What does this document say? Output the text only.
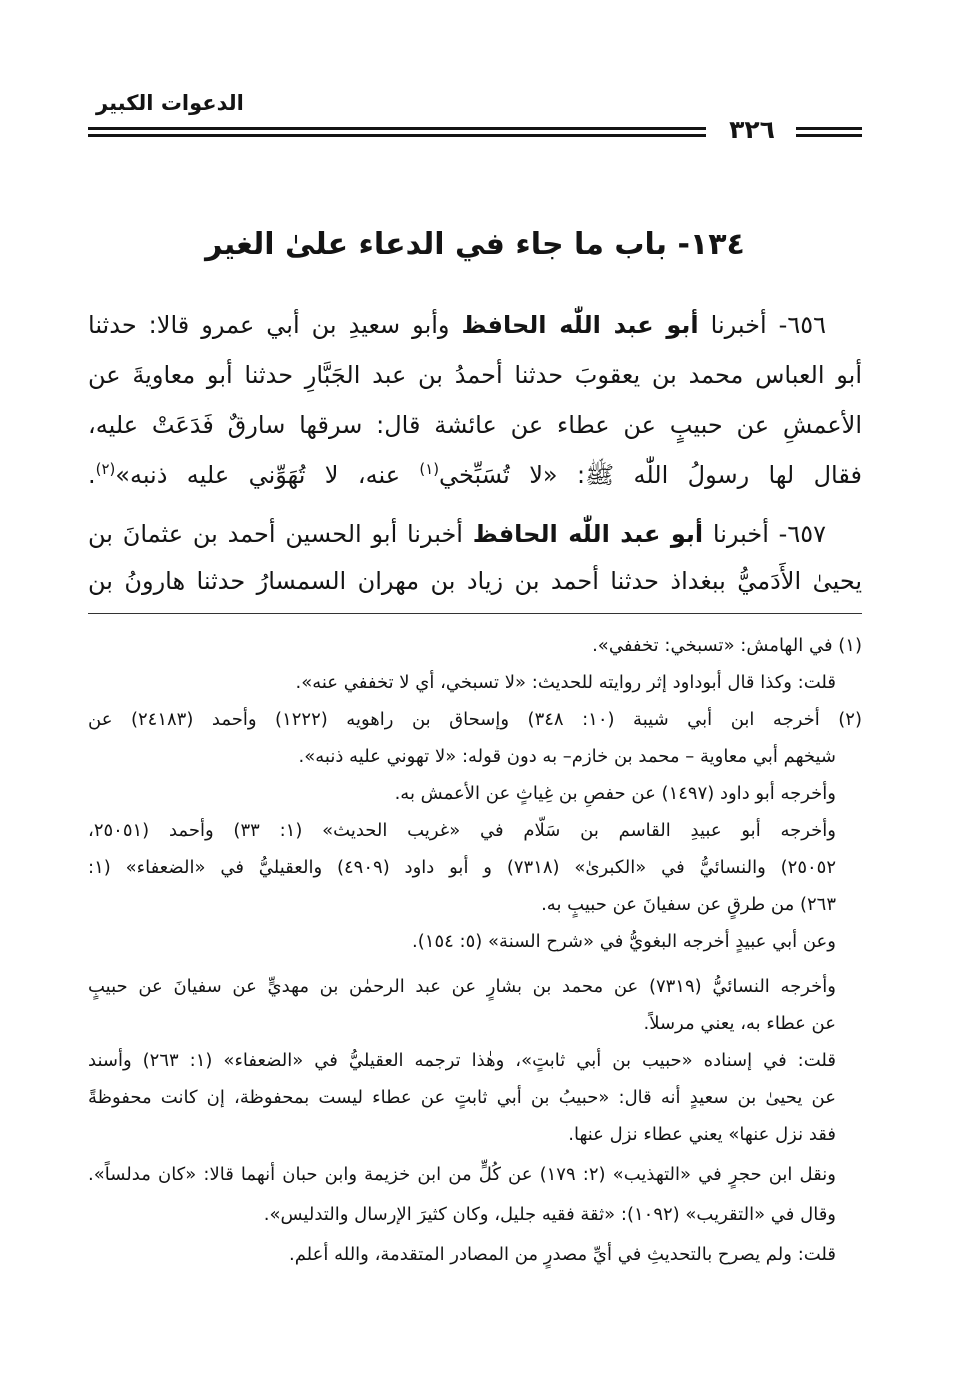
الدعوات الكبير
٣٢٦
١٣٤- باب ما جاء في الدعاء علىٰ الغير
٦٥٦- أخبرنا أبو عبد اللّٰه الحافظ وأبو سعيدِ بن أبي عمرو قالا: حدثنا
أبو العباس محمد بن يعقوبَ حدثنا أحمدُ بن عبد الجَبَّارِ حدثنا أبو معاويةَ عن
الأعمشِ عن حبيبٍ عن عطاء عن عائشة قال: سرقها سارقٌ فَدَعَتْ عليه،
فقال لها رسولُ اللّٰه ﷺ: «لا تُسَبِّخي$^{(١)}$ عنه، لا تُهَوِّني عليه ذنبه»$^{(٢)}$.
٦٥٧- أخبرنا أبو عبد اللّٰه الحافظ أخبرنا أبو الحسين أحمد بن عثمانَ بن
يحيىٰ الأَدَميُّ ببغداذ حدثنا أحمد بن زياد بن مهران السمسارُ حدثنا هارونُ بن
(١) في الهامش: «تسبخي: تخففي».
قلت: وكذا قال أبوداود إثر روايته للحديث: «لا تسبخي، أي لا تخففي عنه».
(٢) أخرجه ابن أبي شيبة (١٠: ٣٤٨) وإسحاق بن راهويه (١٢٢٢) وأحمد (٢٤١٨٣) عن
شيخهم أبي معاوية – محمد بن خازم– به دون قوله: «لا تهوني عليه ذنبه».
وأخرجه أبو داود (١٤٩٧) عن حفصِ بن غِياثٍ عن الأعمش به.
وأخرجه أبو عبيدِ القاسم بن سَلّام في «غريب الحديث» (١: ٣٣) وأحمد (٢٥٠٥١،
٢٥٠٥٢) والنسائيُّ في «الكبرىٰ» (٧٣١٨) و أبو داود (٤٩٠٩) والعقيليُّ في «الضعفاء» (١:
٢٦٣) من طرقٍ عن سفيانَ عن حبيبٍ به.
وعن أبي عبيدٍ أخرجه البغويُّ في «شرح السنة» (٥: ١٥٤).
وأخرجه النسائيُّ (٧٣١٩) عن محمد بن بشارٍ عن عبد الرحمٰن بن مهديٍّ عن سفيانَ عن حبيبٍ
عن عطاء به، يعني مرسلاً.
قلت: في إسناده «حبيب بن أبي ثابتٍ»، وهٰذا ترجمه العقيليُّ في «الضعفاء» (١: ٢٦٣) وأسند
عن يحيىٰ بن سعيدٍ أنه قال: «حبيبُ بن أبي ثابتٍ عن عطاء ليست بمحفوظة، إن كانت محفوظةً
فقد نزل عنها» يعني عطاء نزل عنها.
ونقل ابن حجرٍ في «التهذيب» (٢: ١٧٩) عن كُلٍّ من ابن خزيمة وابن حبان أنهما قالا: «كان مدلساً».
وقال في «التقريب» (١٠٩٢): «ثقة فقيه جليل، وكان كثيرَ الإرسال والتدليس».
قلت: ولم يصرح بالتحديثِ في أيِّ مصدرٍ من المصادر المتقدمة، والله أعلم.
